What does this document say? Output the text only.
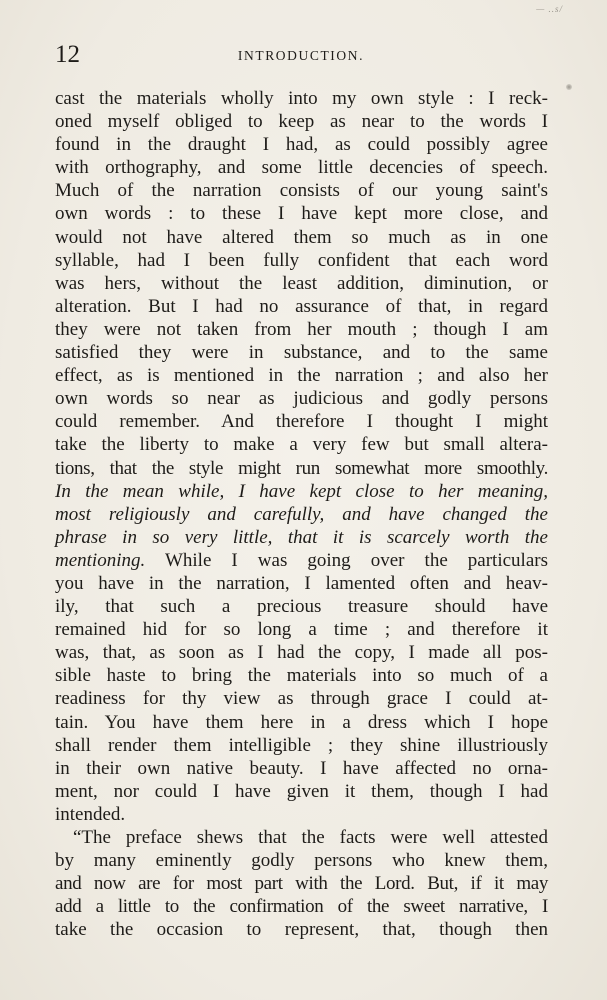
— ..s/
12	INTRODUCTION.
cast the materials wholly into my own style : I reck-
oned myself obliged to keep as near to the words I
found in the draught I had, as could possibly agree
with orthography, and some little decencies of speech.
Much of the narration consists of our young saint's
own words : to these I have kept more close, and
would not have altered them so much as in one
syllable, had I been fully confident that each word
was hers, without the least addition, diminution, or
alteration. But I had no assurance of that, in regard
they were not taken from her mouth ; though I am
satisfied they were in substance, and to the same
effect, as is mentioned in the narration ; and also her
own words so near as judicious and godly persons
could remember. And therefore I thought I might
take the liberty to make a very few but small altera-
tions, that the style might run somewhat more smoothly.
In the mean while, I have kept close to her meaning,
most religiously and carefully, and have changed the
phrase in so very little, that it is scarcely worth the
mentioning. While I was going over the particulars
you have in the narration, I lamented often and heav-
ily, that such a precious treasure should have
remained hid for so long a time ; and therefore it
was, that, as soon as I had the copy, I made all pos-
sible haste to bring the materials into so much of a
readiness for thy view as through grace I could at-
tain. You have them here in a dress which I hope
shall render them intelligible ; they shine illustriously
in their own native beauty. I have affected no orna-
ment, nor could I have given it them, though I had
intended.
“The preface shews that the facts were well attested
by many eminently godly persons who knew them,
and now are for most part with the Lord. But, if it may
add a little to the confirmation of the sweet narrative, I
take the occasion to represent, that, though then
